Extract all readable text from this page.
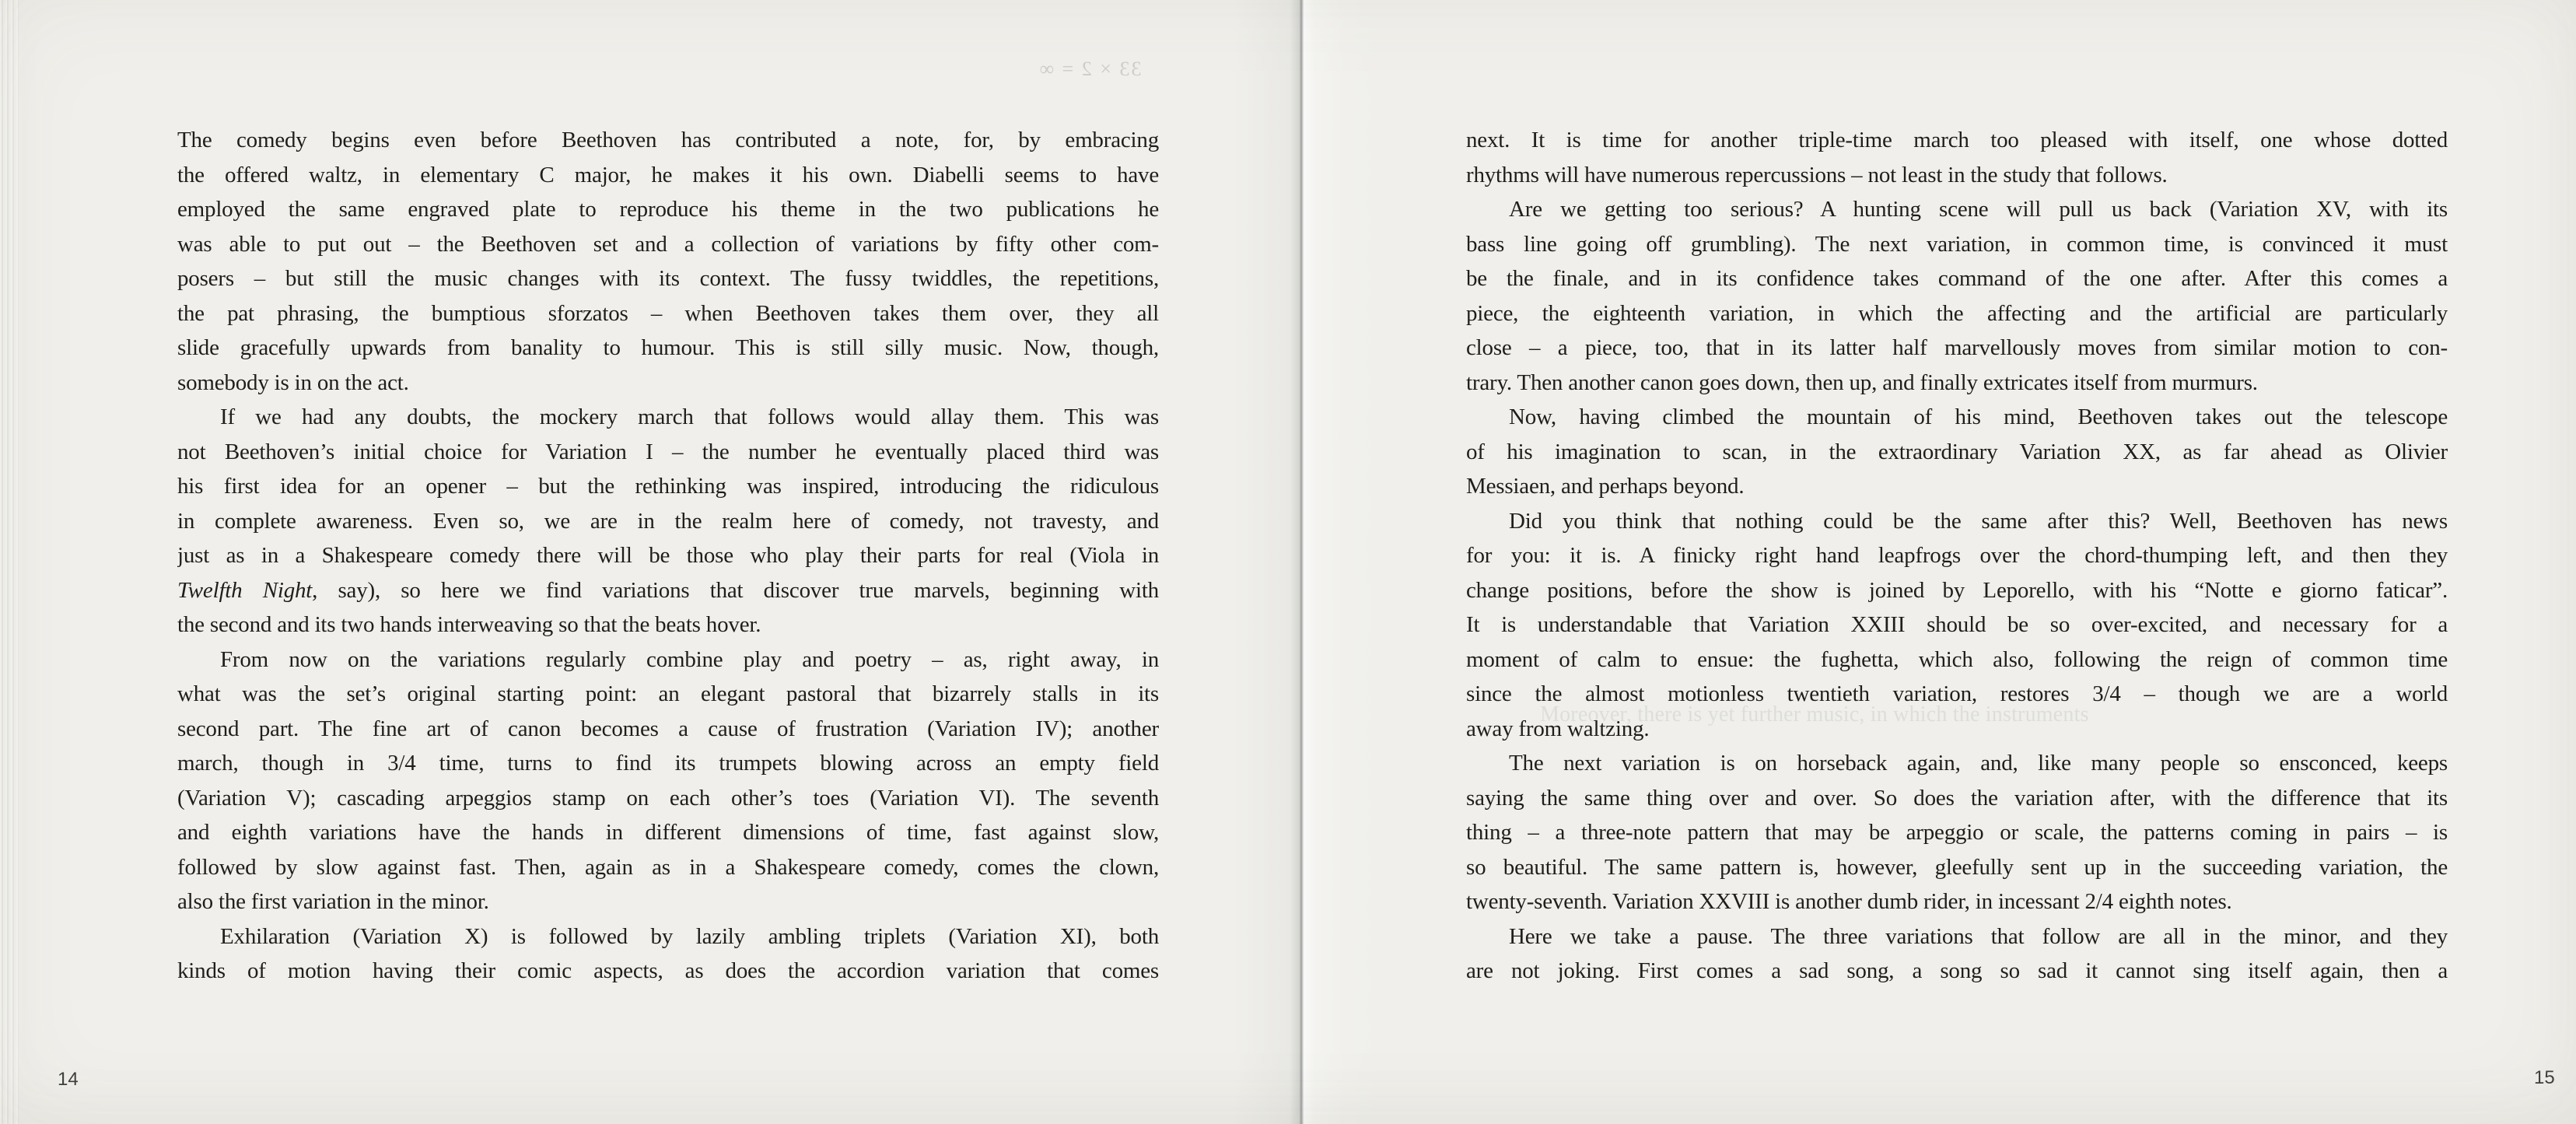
33 × 2 = ∞
The comedy begins even before Beethoven has contributed a note, for, by embracing
the offered waltz, in elementary C major, he makes it his own. Diabelli seems to have
employed the same engraved plate to reproduce his theme in the two publications he
was able to put out – the Beethoven set and a collection of variations by fifty other com-
posers – but still the music changes with its context. The fussy twiddles, the repetitions,
the pat phrasing, the bumptious sforzatos – when Beethoven takes them over, they all
slide gracefully upwards from banality to humour. This is still silly music. Now, though,
somebody is in on the act.
If we had any doubts, the mockery march that follows would allay them. This was
not Beethoven’s initial choice for Variation I – the number he eventually placed third was
his first idea for an opener – but the rethinking was inspired, introducing the ridiculous
in complete awareness. Even so, we are in the realm here of comedy, not travesty, and
just as in a Shakespeare comedy there will be those who play their parts for real (Viola in
Twelfth Night, say), so here we find variations that discover true marvels, beginning with
the second and its two hands interweaving so that the beats hover.
From now on the variations regularly combine play and poetry – as, right away, in
what was the set’s original starting point: an elegant pastoral that bizarrely stalls in its
second part. The fine art of canon becomes a cause of frustration (Variation IV); another
march, though in 3/4 time, turns to find its trumpets blowing across an empty field
(Variation V); cascading arpeggios stamp on each other’s toes (Variation VI). The seventh
and eighth variations have the hands in different dimensions of time, fast against slow,
followed by slow against fast. Then, again as in a Shakespeare comedy, comes the clown,
also the first variation in the minor.
Exhilaration (Variation X) is followed by lazily ambling triplets (Variation XI), both
kinds of motion having their comic aspects, as does the accordion variation that comes
Moreover, there is yet further music, in which the instruments
next. It is time for another triple-time march too pleased with itself, one whose dotted
rhythms will have numerous repercussions – not least in the study that follows.
Are we getting too serious? A hunting scene will pull us back (Variation XV, with its
bass line going off grumbling). The next variation, in common time, is convinced it must
be the finale, and in its confidence takes command of the one after. After this comes a
piece, the eighteenth variation, in which the affecting and the artificial are particularly
close – a piece, too, that in its latter half marvellously moves from similar motion to con-
trary. Then another canon goes down, then up, and finally extricates itself from murmurs.
Now, having climbed the mountain of his mind, Beethoven takes out the telescope
of his imagination to scan, in the extraordinary Variation XX, as far ahead as Olivier
Messiaen, and perhaps beyond.
Did you think that nothing could be the same after this? Well, Beethoven has news
for you: it is. A finicky right hand leapfrogs over the chord-thumping left, and then they
change positions, before the show is joined by Leporello, with his “Notte e giorno faticar”.
It is understandable that Variation XXIII should be so over-excited, and necessary for a
moment of calm to ensue: the fughetta, which also, following the reign of common time
since the almost motionless twentieth variation, restores 3/4 – though we are a world
away from waltzing.
The next variation is on horseback again, and, like many people so ensconced, keeps
saying the same thing over and over. So does the variation after, with the difference that its
thing – a three-note pattern that may be arpeggio or scale, the patterns coming in pairs – is
so beautiful. The same pattern is, however, gleefully sent up in the succeeding variation, the
twenty-seventh. Variation XXVIII is another dumb rider, in incessant 2/4 eighth notes.
Here we take a pause. The three variations that follow are all in the minor, and they
are not joking. First comes a sad song, a song so sad it cannot sing itself again, then a
14	15
